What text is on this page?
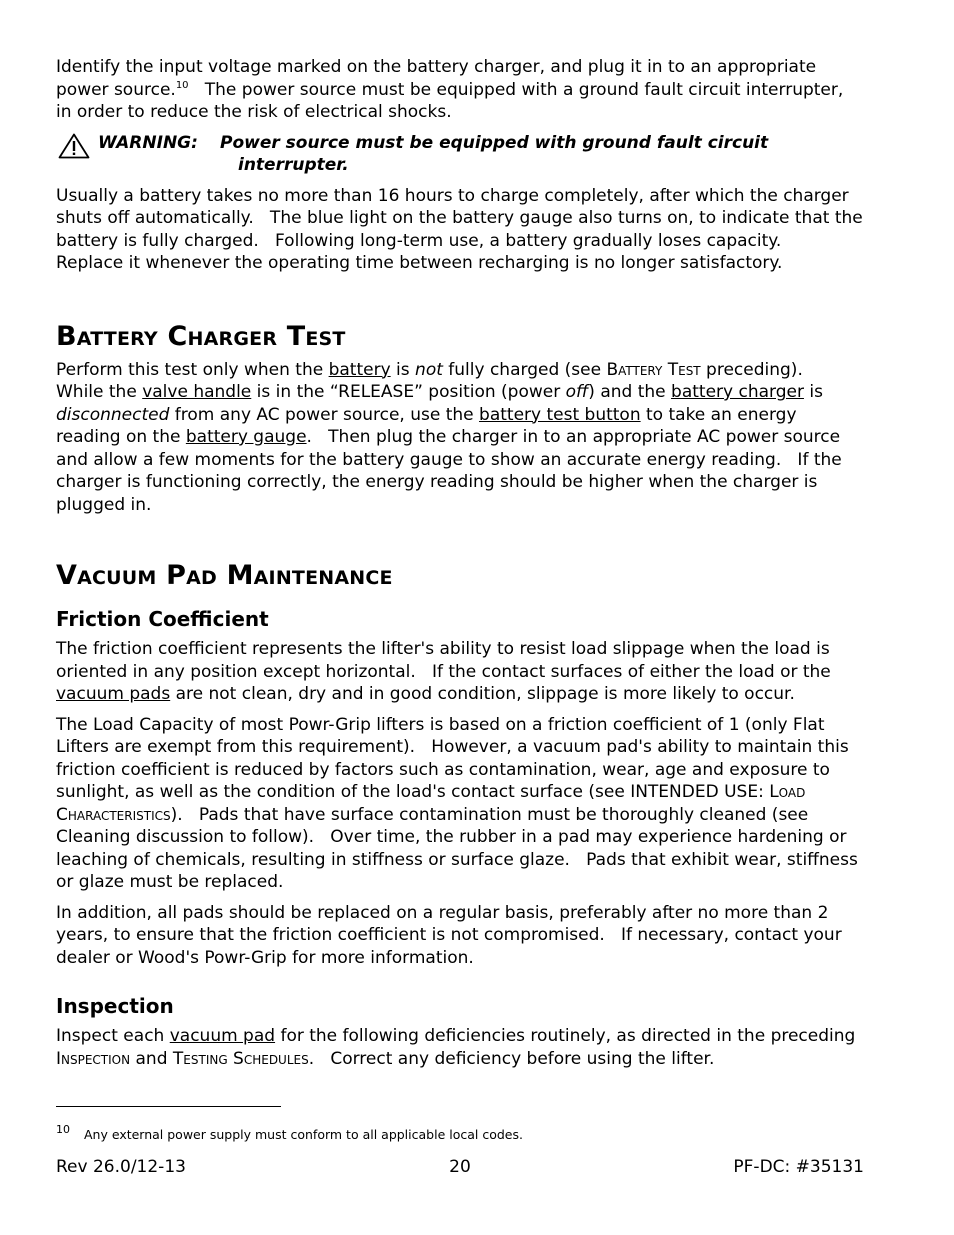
Identify the input voltage marked on the battery charger, and plug it in to an appropriate power source.$^{10}$   The power source must be equipped with a ground fault circuit interrupter, in order to reduce the risk of electrical shocks.

WARNING: Power source must be equipped with ground fault circuit
interrupter.

Usually a battery takes no more than 16 hours to charge completely, after which the charger shuts off automatically.   The blue light on the battery gauge also turns on, to indicate that the battery is fully charged.   Following long-term use, a battery gradually loses capacity.   Replace it whenever the operating time between recharging is no longer satisfactory.

Battery Charger Test

Perform this test only when the battery is not fully charged (see Battery Test preceding).   While the valve handle is in the “RELEASE” position (power off) and the battery charger is disconnected from any AC power source, use the battery test button to take an energy reading on the battery gauge.   Then plug the charger in to an appropriate AC power source and allow a few moments for the battery gauge to show an accurate energy reading.   If the charger is functioning correctly, the energy reading should be higher when the charger is plugged in.

Vacuum Pad Maintenance
Friction Coefficient

The friction coefficient represents the lifter's ability to resist load slippage when the load is oriented in any position except horizontal.   If the contact surfaces of either the load or the vacuum pads are not clean, dry and in good condition, slippage is more likely to occur.

The Load Capacity of most Powr-Grip lifters is based on a friction coefficient of 1 (only Flat Lifters are exempt from this requirement).   However, a vacuum pad's ability to maintain this friction coefficient is reduced by factors such as contamination, wear, age and exposure to sunlight, as well as the condition of the load's contact surface (see INTENDED USE: Load Characteristics).   Pads that have surface contamination must be thoroughly cleaned (see Cleaning discussion to follow).   Over time, the rubber in a pad may experience hardening or leaching of chemicals, resulting in stiffness or surface glaze.   Pads that exhibit wear, stiffness or glaze must be replaced.

In addition, all pads should be replaced on a regular basis, preferably after no more than 2 years, to ensure that the friction coefficient is not compromised.   If necessary, contact your dealer or Wood's Powr-Grip for more information.

Inspection

Inspect each vacuum pad for the following deficiencies routinely, as directed in the preceding Inspection and Testing Schedules.   Correct any deficiency before using the lifter.

10 Any external power supply must conform to all applicable local codes.
Rev 26.0/12-13	20	PF-DC: #35131
